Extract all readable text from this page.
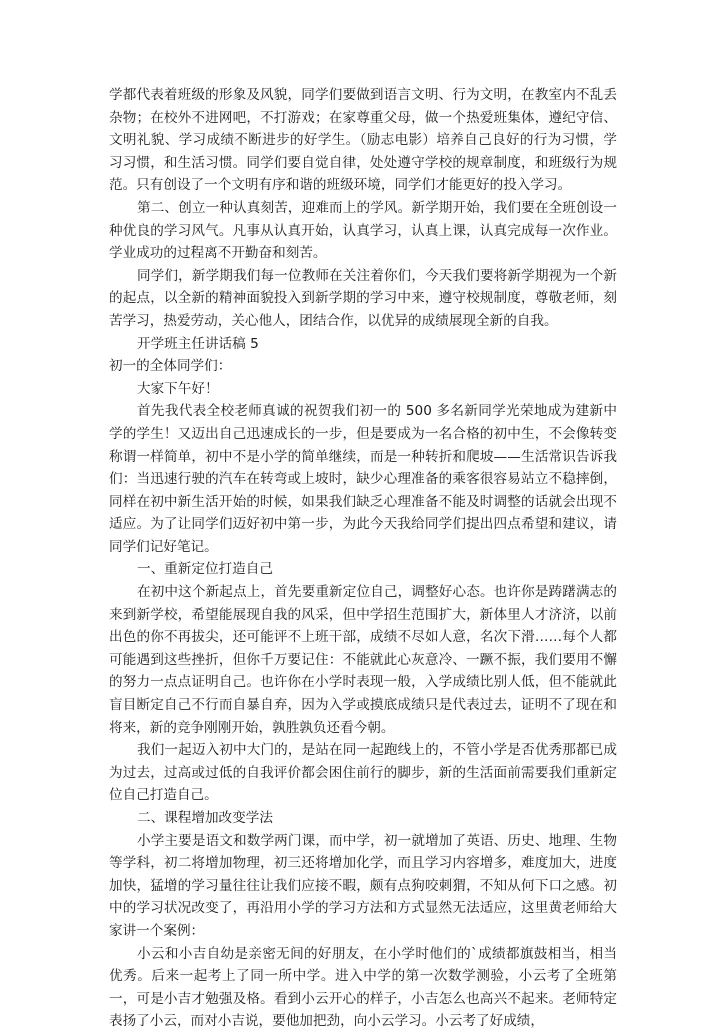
学都代表着班级的形象及风貌，同学们要做到语言文明、行为文明，在教室内不乱丢杂物；在校外不进网吧，不打游戏；在家尊重父母，做一个热爱班集体，遵纪守信、文明礼貌、学习成绩不断进步的好学生。（励志电影）培养自己良好的行为习惯，学习习惯，和生活习惯。同学们要自觉自律，处处遵守学校的规章制度，和班级行为规范。只有创设了一个文明有序和谐的班级环境，同学们才能更好的投入学习。

第二、创立一种认真刻苦，迎难而上的学风。新学期开始，我们要在全班创设一种优良的学习风气。凡事从认真开始，认真学习，认真上课，认真完成每一次作业。学业成功的过程离不开勤奋和刻苦。

同学们，新学期我们每一位教师在关注着你们，今天我们要将新学期视为一个新的起点，以全新的精神面貌投入到新学期的学习中来，遵守校规制度，尊敬老师，刻苦学习，热爱劳动，关心他人，团结合作，以优异的成绩展现全新的自我。

开学班主任讲话稿 5

初一的全体同学们：

大家下午好！

首先我代表全校老师真诚的祝贺我们初一的 500 多名新同学光荣地成为建新中学的学生！又迈出自己迅速成长的一步，但是要成为一名合格的初中生，不会像转变称谓一样简单，初中不是小学的简单继续，而是一种转折和爬坡——生活常识告诉我们：当迅速行驶的汽车在转弯或上坡时，缺少心理准备的乘客很容易站立不稳摔倒，同样在初中新生活开始的时候，如果我们缺乏心理准备不能及时调整的话就会出现不适应。为了让同学们迈好初中第一步，为此今天我给同学们提出四点希望和建议，请同学们记好笔记。

一、重新定位打造自己

在初中这个新起点上，首先要重新定位自己，调整好心态。也许你是踌躇满志的来到新学校，希望能展现自我的风采，但中学招生范围扩大，新体里人才济济，以前出色的你不再拔尖，还可能评不上班干部，成绩不尽如人意，名次下滑……每个人都可能遇到这些挫折，但你千万要记住：不能就此心灰意冷、一蹶不振，我们要用不懈的努力一点点证明自己。也许你在小学时表现一般，入学成绩比别人低，但不能就此盲目断定自己不行而自暴自弃，因为入学或摸底成绩只是代表过去，证明不了现在和将来，新的竞争刚刚开始，孰胜孰负还看今朝。

我们一起迈入初中大门的，是站在同一起跑线上的，不管小学是否优秀那都已成为过去，过高或过低的自我评价都会困住前行的脚步，新的生活面前需要我们重新定位自己打造自己。

二、课程增加改变学法

小学主要是语文和数学两门课，而中学，初一就增加了英语、历史、地理、生物等学科，初二将增加物理，初三还将增加化学，而且学习内容增多，难度加大，进度加快，猛增的学习量往往让我们应接不暇，颇有点狗咬刺猬，不知从何下口之感。初中的学习状况改变了，再沿用小学的学习方法和方式显然无法适应，这里黄老师给大家讲一个案例：

小云和小吉自幼是亲密无间的好朋友，在小学时他们的`成绩都旗鼓相当，相当优秀。后来一起考上了同一所中学。进入中学的第一次数学测验，小云考了全班第一，可是小吉才勉强及格。看到小云开心的样子，小吉怎么也高兴不起来。老师特定表扬了小云，而对小吉说，要他加把劲，向小云学习。小云考了好成绩，
